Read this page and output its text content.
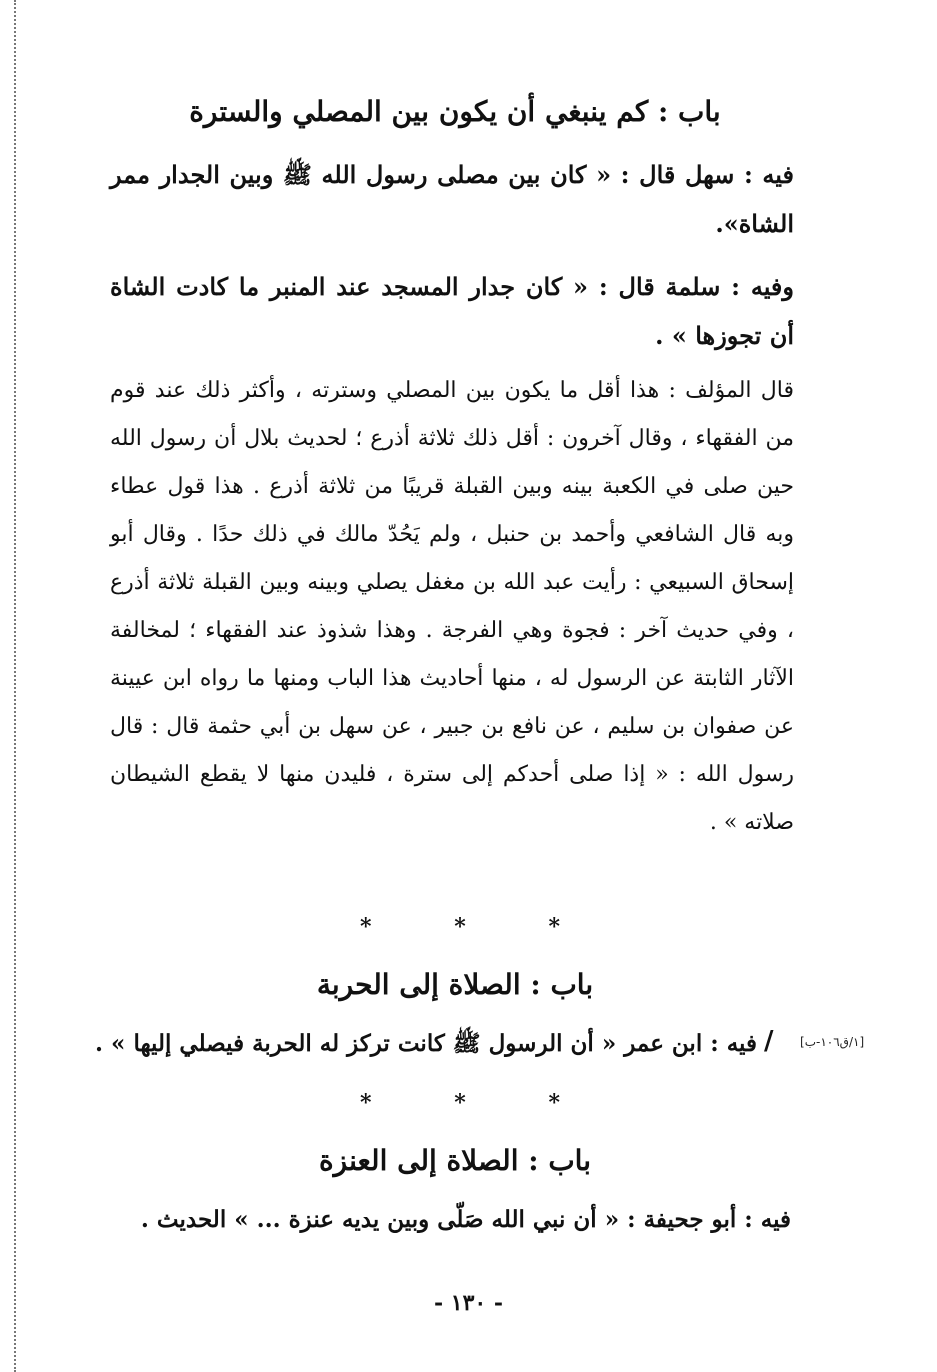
باب : كم ينبغي أن يكون بين المصلي والسترة
فيه : سهل قال : « كان بين مصلى رسول الله ﷺ وبين الجدار ممر الشاة».
وفيه : سلمة قال : « كان جدار المسجد عند المنبر ما كادت الشاة أن تجوزها » .
قال المؤلف : هذا أقل ما يكون بين المصلي وسترته ، وأكثر ذلك عند قوم من الفقهاء ، وقال آخرون : أقل ذلك ثلاثة أذرع ؛ لحديث بلال أن رسول الله حين صلى في الكعبة بينه وبين القبلة قريبًا من ثلاثة أذرع . هذا قول عطاء وبه قال الشافعي وأحمد بن حنبل ، ولم يَحُدّ مالك في ذلك حدًا . وقال أبو إسحاق السبيعي : رأيت عبد الله بن مغفل يصلي وبينه وبين القبلة ثلاثة أذرع ، وفي حديث آخر : فجوة وهي الفرجة . وهذا شذوذ عند الفقهاء ؛ لمخالفة الآثار الثابتة عن الرسول له ، منها أحاديث هذا الباب ومنها ما رواه ابن عيينة عن صفوان بن سليم ، عن نافع بن جبير ، عن سهل بن أبي حثمة قال : قال رسول الله : « إذا صلى أحدكم إلى سترة ، فليدن منها لا يقطع الشيطان صلاته » .
*	*	*
باب : الصلاة إلى الحربة
[١/ق١٠٦-ب]
/
فيه : ابن عمر « أن الرسول ﷺ كانت تركز له الحربة فيصلي إليها » .
*	*	*
باب : الصلاة إلى العنزة
فيه : أبو جحيفة : « أن نبي الله صَلّى وبين يديه عنزة ... » الحديث .
- ١٣٠ -
